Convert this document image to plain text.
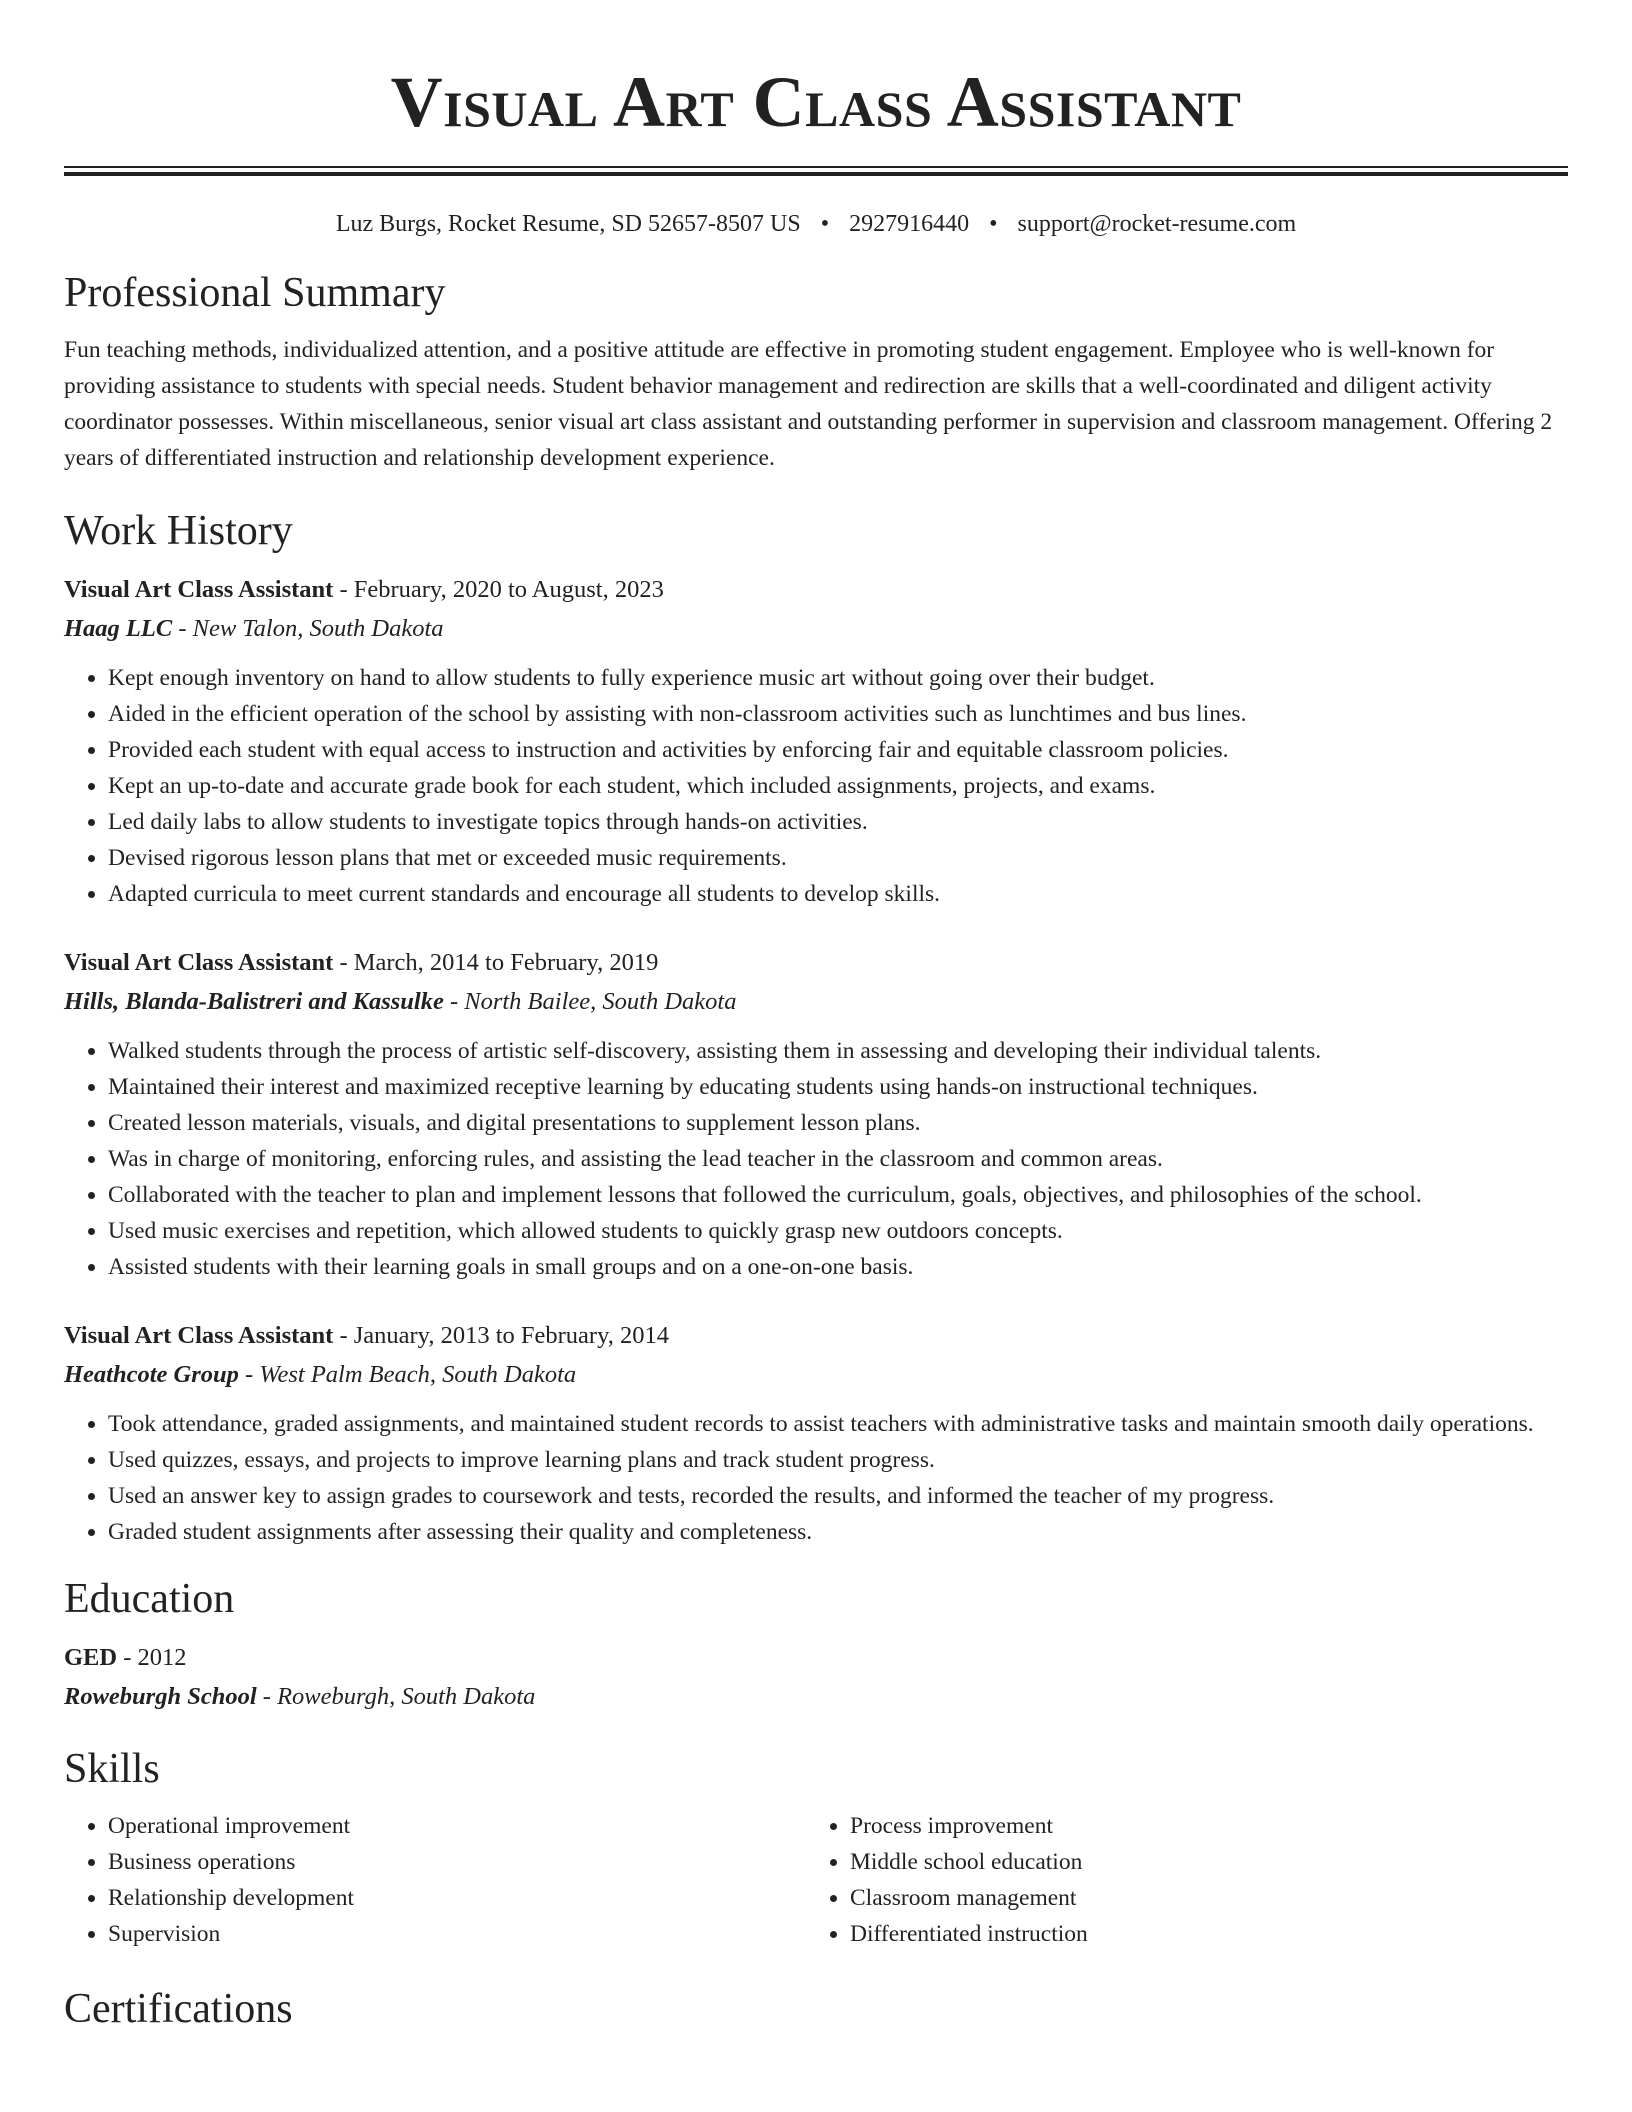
Visual Art Class Assistant
Luz Burgs, Rocket Resume, SD 52657-8507 US • 2927916440 • support@rocket-resume.com
Professional Summary
Fun teaching methods, individualized attention, and a positive attitude are effective in promoting student engagement. Employee who is well-known for providing assistance to students with special needs. Student behavior management and redirection are skills that a well-coordinated and diligent activity coordinator possesses. Within miscellaneous, senior visual art class assistant and outstanding performer in supervision and classroom management. Offering 2 years of differentiated instruction and relationship development experience.
Work History
Visual Art Class Assistant - February, 2020 to August, 2023
Haag LLC - New Talon, South Dakota
• Kept enough inventory on hand to allow students to fully experience music art without going over their budget.
• Aided in the efficient operation of the school by assisting with non-classroom activities such as lunchtimes and bus lines.
• Provided each student with equal access to instruction and activities by enforcing fair and equitable classroom policies.
• Kept an up-to-date and accurate grade book for each student, which included assignments, projects, and exams.
• Led daily labs to allow students to investigate topics through hands-on activities.
• Devised rigorous lesson plans that met or exceeded music requirements.
• Adapted curricula to meet current standards and encourage all students to develop skills.
Visual Art Class Assistant - March, 2014 to February, 2019
Hills, Blanda-Balistreri and Kassulke - North Bailee, South Dakota
• Walked students through the process of artistic self-discovery, assisting them in assessing and developing their individual talents.
• Maintained their interest and maximized receptive learning by educating students using hands-on instructional techniques.
• Created lesson materials, visuals, and digital presentations to supplement lesson plans.
• Was in charge of monitoring, enforcing rules, and assisting the lead teacher in the classroom and common areas.
• Collaborated with the teacher to plan and implement lessons that followed the curriculum, goals, objectives, and philosophies of the school.
• Used music exercises and repetition, which allowed students to quickly grasp new outdoors concepts.
• Assisted students with their learning goals in small groups and on a one-on-one basis.
Visual Art Class Assistant - January, 2013 to February, 2014
Heathcote Group - West Palm Beach, South Dakota
• Took attendance, graded assignments, and maintained student records to assist teachers with administrative tasks and maintain smooth daily operations.
• Used quizzes, essays, and projects to improve learning plans and track student progress.
• Used an answer key to assign grades to coursework and tests, recorded the results, and informed the teacher of my progress.
• Graded student assignments after assessing their quality and completeness.
Education
GED - 2012
Roweburgh School - Roweburgh, South Dakota
Skills
• Operational improvement
• Business operations
• Relationship development
• Supervision
• Process improvement
• Middle school education
• Classroom management
• Differentiated instruction
Certifications
